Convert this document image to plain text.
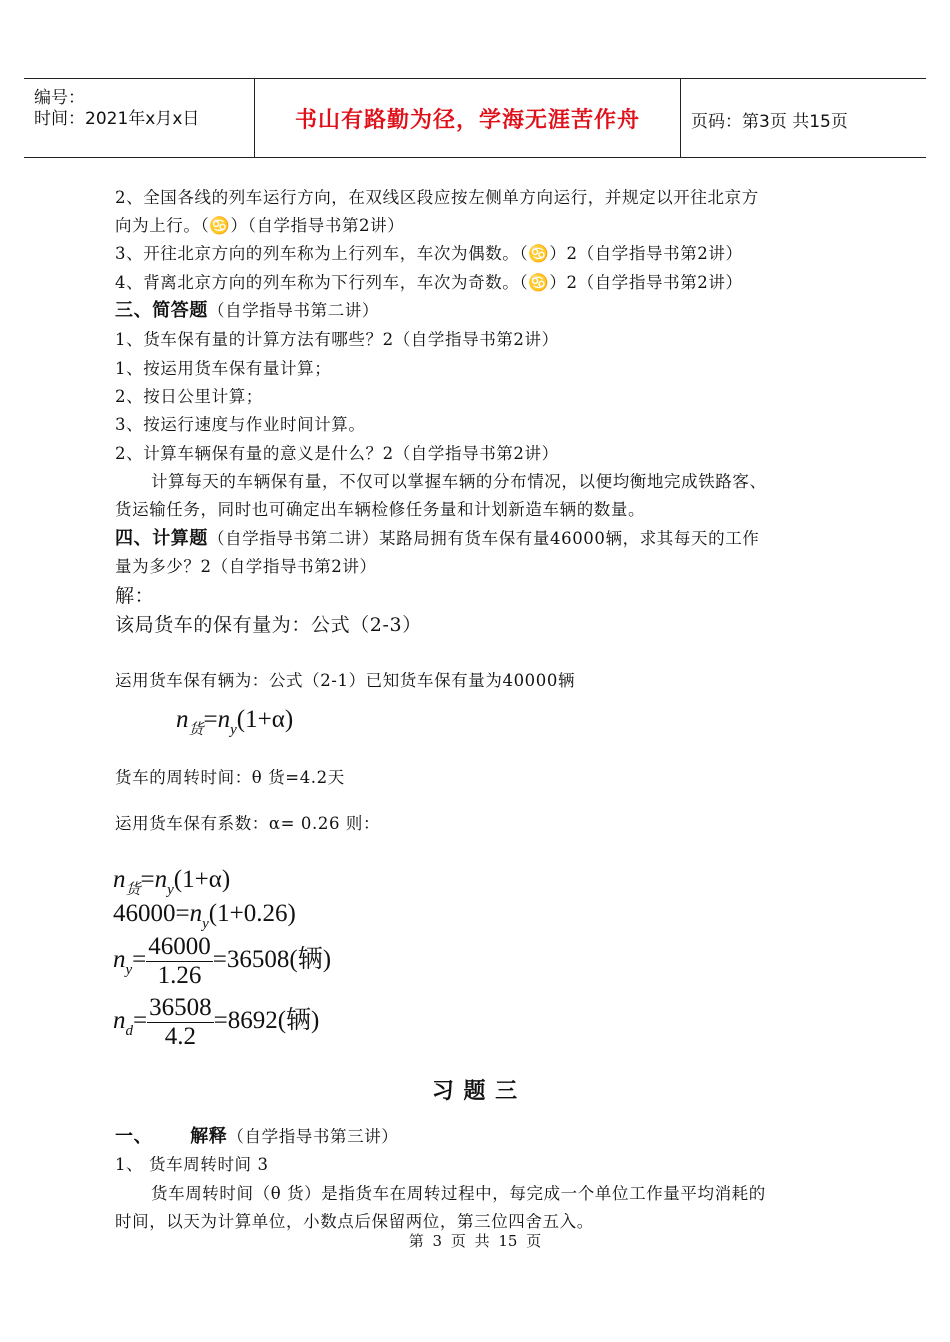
编号：
时间：2021年x月x日	书山有路勤为径，学海无涯苦作舟	页码：第3页 共15页
2、全国各线的列车运行方向，在双线区段应按左侧单方向运行，并规定以开往北京方
向为上行。（♋）（自学指导书第2讲）
3、开往北京方向的列车称为上行列车，车次为偶数。（♋）2（自学指导书第2讲）
4、背离北京方向的列车称为下行列车，车次为奇数。（♋）2（自学指导书第2讲）
三、简答题（自学指导书第二讲）
1、货车保有量的计算方法有哪些？2（自学指导书第2讲）
1、按运用货车保有量计算；
2、按日公里计算；
3、按运行速度与作业时间计算。
2、计算车辆保有量的意义是什么？2（自学指导书第2讲）
计算每天的车辆保有量，不仅可以掌握车辆的分布情况，以便均衡地完成铁路客、
货运输任务，同时也可确定出车辆检修任务量和计划新造车辆的数量。
四、计算题（自学指导书第二讲）某路局拥有货车保有量46000辆，求其每天的工作
量为多少？2（自学指导书第2讲）
解：
该局货车的保有量为：公式（2-3）
运用货车保有辆为：公式（2-1）已知货车保有量为40000辆
$n_货=n_y(1+\alpha)$
货车的周转时间：θ 货=4.2天
运用货车保有系数：α= 0.26 则：
$n_货=n_y(1+\alpha)$
$46000=n_y(1+0.26)$
$n_y= \frac{46000}{1.26} =36508$(辆)
$n_d= \frac{36508}{4.2} =8692$(辆)
习 题 三
一、 解释（自学指导书第三讲）
1、 货车周转时间 3
货车周转时间（θ 货）是指货车在周转过程中，每完成一个单位工作量平均消耗的
时间，以天为计算单位，小数点后保留两位，第三位四舍五入。
第 3 页 共 15 页
